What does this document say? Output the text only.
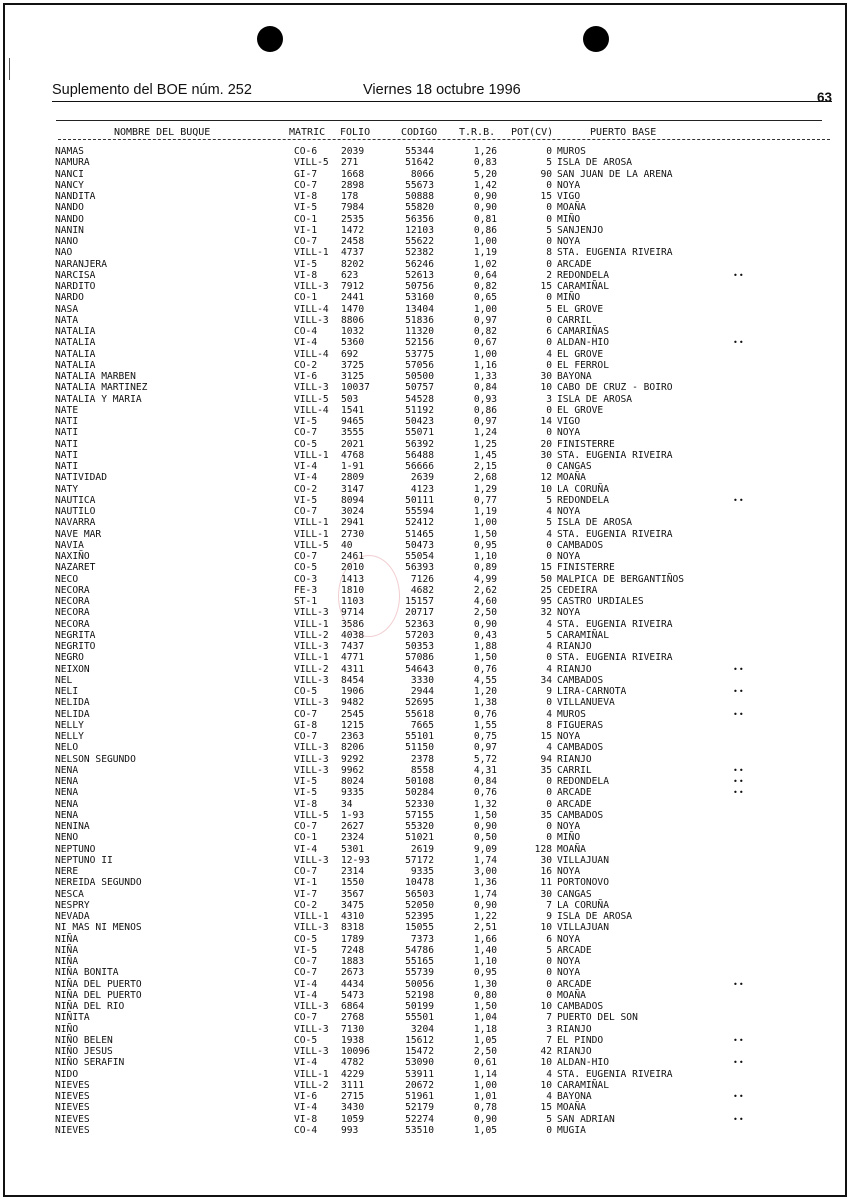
Suplemento del BOE núm. 252	Viernes 18 octubre 1996	63
NOMBRE DEL BUQUE	MATRIC FOLIO	CODIGO T.R.B. POT(CV)	PUERTO BASE
NAMAS	CO-6 2039	55344	1,26	0 MUROS
NAMURA	VILL-5 271	51642	0,83	5 ISLA DE AROSA
NANCI	GI-7 1668	8066	5,20	90 SAN JUAN DE LA ARENA
NANCY	CO-7 2898	55673	1,42	0 NOYA
NANDITA	VI-8 178	50888	0,90	15 VIGO
NANDO	VI-5 7984	55820	0,90	0 MOAÑA
NANDO	CO-1 2535	56356	0,81	0 MIÑO
NANIN	VI-1 1472	12103	0,86	5 SANJENJO
NANO	CO-7 2458	55622	1,00	0 NOYA
NAO	VILL-1 4737	52382	1,19	8 STA. EUGENIA RIVEIRA
NARANJERA	VI-5 8202	56246	1,02	0 ARCADE
NARCISA	VI-8 623	52613	0,64	2 REDONDELA	••
NARDITO	VILL-3 7912	50756	0,82	15 CARAMIÑAL
NARDO	CO-1 2441	53160	0,65	0 MIÑO
NASA	VILL-4 1470	13404	1,00	5 EL GROVE
NATA	VILL-3 8806	51836	0,97	0 CARRIL
NATALIA	CO-4 1032	11320	0,82	6 CAMARIÑAS
NATALIA	VI-4 5360	52156	0,67	0 ALDAN-HIO	••
NATALIA	VILL-4 692	53775	1,00	4 EL GROVE
NATALIA	CO-2 3725	57056	1,16	0 EL FERROL
NATALIA MARBEN	VI-6 3125	50500	1,33	30 BAYONA
NATALIA MARTINEZ	VILL-3 10037	50757	0,84	10 CABO DE CRUZ - BOIRO
NATALIA Y MARIA	VILL-5 503	54528	0,93	3 ISLA DE AROSA
NATE	VILL-4 1541	51192	0,86	0 EL GROVE
NATI	VI-5 9465	50423	0,97	14 VIGO
NATI	CO-7 3555	55071	1,24	0 NOYA
NATI	CO-5 2021	56392	1,25	20 FINISTERRE
NATI	VILL-1 4768	56488	1,45	30 STA. EUGENIA RIVEIRA
NATI	VI-4 1-91	56666	2,15	0 CANGAS
NATIVIDAD	VI-4 2809	2639	2,68	12 MOAÑA
NATY	CO-2 3147	4123	1,29	10 LA CORUÑA
NAUTICA	VI-5 8094	50111	0,77	5 REDONDELA	••
NAUTILO	CO-7 3024	55594	1,19	4 NOYA
NAVARRA	VILL-1 2941	52412	1,00	5 ISLA DE AROSA
NAVE MAR	VILL-1 2730	51465	1,50	4 STA. EUGENIA RIVEIRA
NAVIA	VILL-5 40	50473	0,95	0 CAMBADOS
NAXIÑO	CO-7 2461	55054	1,10	0 NOYA
NAZARET	CO-5 2010	56393	0,89	15 FINISTERRE
NECO	CO-3 1413	7126	4,99	50 MALPICA DE BERGANTIÑOS
NECORA	FE-3 1810	4682	2,62	25 CEDEIRA
NECORA	ST-1 1103	15157	4,60	95 CASTRO URDIALES
NECORA	VILL-3 9714	20717	2,50	32 NOYA
NECORA	VILL-1 3586	52363	0,90	4 STA. EUGENIA RIVEIRA
NEGRITA	VILL-2 4038	57203	0,43	5 CARAMIÑAL
NEGRITO	VILL-3 7437	50353	1,88	4 RIANJO
NEGRO	VILL-1 4771	57086	1,50	0 STA. EUGENIA RIVEIRA
NEIXON	VILL-2 4311	54643	0,76	4 RIANJO	••
NEL	VILL-3 8454	3330	4,55	34 CAMBADOS
NELI	CO-5 1906	2944	1,20	9 LIRA-CARNOTA	••
NELIDA	VILL-3 9482	52695	1,38	0 VILLANUEVA
NELIDA	CO-7 2545	55618	0,76	4 MUROS	••
NELLY	GI-8 1215	7665	1,55	8 FIGUERAS
NELLY	CO-7 2363	55101	0,75	15 NOYA
NELO	VILL-3 8206	51150	0,97	4 CAMBADOS
NELSON SEGUNDO	VILL-3 9292	2378	5,72	94 RIANJO
NENA	VILL-3 9962	8558	4,31	35 CARRIL	••
NENA	VI-5 8024	50108	0,84	0 REDONDELA	••
NENA	VI-5 9335	50284	0,76	0 ARCADE	••
NENA	VI-8 34	52330	1,32	0 ARCADE
NENA	VILL-5 1-93	57155	1,50	35 CAMBADOS
NENINA	CO-7 2627	55320	0,90	0 NOYA
NENO	CO-1 2324	51021	0,50	0 MIÑO
NEPTUNO	VI-4 5301	2619	9,09	128 MOAÑA
NEPTUNO II	VILL-3 12-93	57172	1,74	30 VILLAJUAN
NERE	CO-7 2314	9335	3,00	16 NOYA
NEREIDA SEGUNDO	VI-1 1550	10478	1,36	11 PORTONOVO
NESCA	VI-7 3567	56503	1,74	30 CANGAS
NESPRY	CO-2 3475	52050	0,90	7 LA CORUÑA
NEVADA	VILL-1 4310	52395	1,22	9 ISLA DE AROSA
NI MAS NI MENOS	VILL-3 8318	15055	2,51	10 VILLAJUAN
NIÑA	CO-5 1789	7373	1,66	6 NOYA
NIÑA	VI-5 7248	54786	1,40	5 ARCADE
NIÑA	CO-7 1883	55165	1,10	0 NOYA
NIÑA BONITA	CO-7 2673	55739	0,95	0 NOYA
NIÑA DEL PUERTO	VI-4 4434	50056	1,30	0 ARCADE	••
NIÑA DEL PUERTO	VI-4 5473	52198	0,80	0 MOAÑA
NIÑA DEL RIO	VILL-3 6864	50199	1,50	10 CAMBADOS
NIÑITA	CO-7 2768	55501	1,04	7 PUERTO DEL SON
NIÑO	VILL-3 7130	3204	1,18	3 RIANJO
NIÑO BELEN	CO-5 1938	15612	1,05	7 EL PINDO	••
NIÑO JESUS	VILL-3 10096	15472	2,50	42 RIANJO
NIÑO SERAFIN	VI-4 4782	53090	0,61	10 ALDAN-HIO	••
NIDO	VILL-1 4229	53911	1,14	4 STA. EUGENIA RIVEIRA
NIEVES	VILL-2 3111	20672	1,00	10 CARAMIÑAL
NIEVES	VI-6 2715	51961	1,01	4 BAYONA	••
NIEVES	VI-4 3430	52179	0,78	15 MOAÑA
NIEVES	VI-8 1059	52274	0,90	5 SAN ADRIAN	••
NIEVES	CO-4 993	53510	1,05	0 MUGIA
